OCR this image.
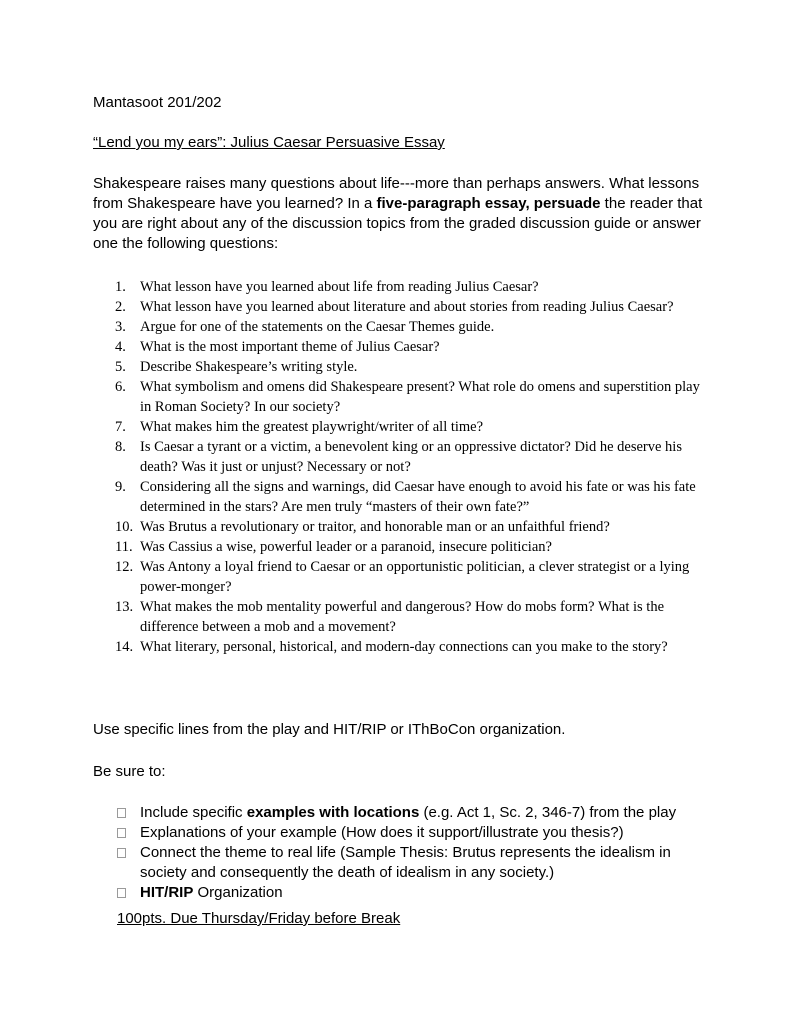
Mantasoot 201/202

“Lend you my ears”: Julius Caesar Persuasive Essay

Shakespeare raises many questions about life---more than perhaps answers. What lessons from Shakespeare have you learned? In a five-paragraph essay, persuade the reader that you are right about any of the discussion topics from the graded discussion guide or answer one the following questions:

1. What lesson have you learned about life from reading Julius Caesar?
2. What lesson have you learned about literature and about stories from reading Julius Caesar?
3. Argue for one of the statements on the Caesar Themes guide.
4. What is the most important theme of Julius Caesar?
5. Describe Shakespeare’s writing style.
6. What symbolism and omens did Shakespeare present? What role do omens and superstition play in Roman Society? In our society?
7. What makes him the greatest playwright/writer of all time?
8. Is Caesar a tyrant or a victim, a benevolent king or an oppressive dictator? Did he deserve his death? Was it just or unjust? Necessary or not?
9. Considering all the signs and warnings, did Caesar have enough to avoid his fate or was his fate determined in the stars? Are men truly “masters of their own fate?”
10. Was Brutus a revolutionary or traitor, and honorable man or an unfaithful friend?
11. Was Cassius a wise, powerful leader or a paranoid, insecure politician?
12. Was Antony a loyal friend to Caesar or an opportunistic politician, a clever strategist or a lying power-monger?
13. What makes the mob mentality powerful and dangerous? How do mobs form? What is the difference between a mob and a movement?
14. What literary, personal, historical, and modern-day connections can you make to the story?

Use specific lines from the play and HIT/RIP or IThBoCon organization.

Be sure to:

Include specific examples with locations (e.g. Act 1, Sc. 2, 346-7) from the play
Explanations of your example (How does it support/illustrate you thesis?)
Connect the theme to real life (Sample Thesis: Brutus represents the idealism in society and consequently the death of idealism in any society.)
HIT/RIP Organization

100pts. Due Thursday/Friday before Break
